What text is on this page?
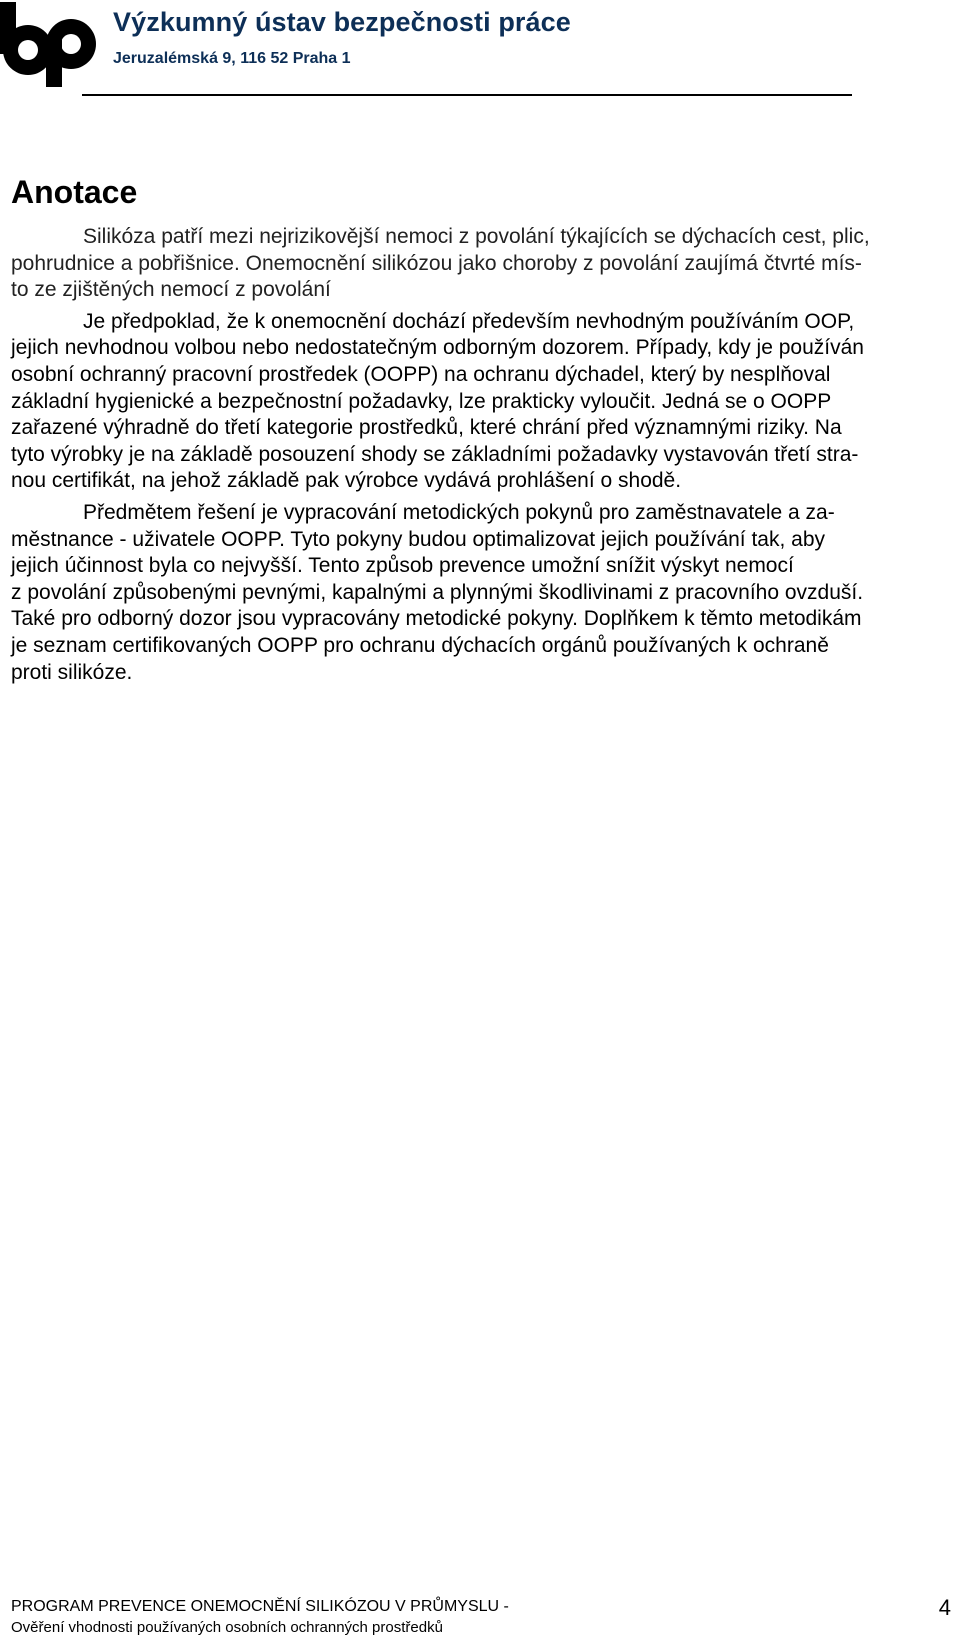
Výzkumný ústav bezpečnosti práce
Jeruzalémská 9, 116 52 Praha 1
Anotace

Silikóza patří mezi nejrizikovější nemoci z povolání týkajících se dýchacích cest, plic,
pohrudnice a pobřišnice. Onemocnění silikózou jako choroby z povolání zaujímá čtvrté mís-
to ze zjištěných nemocí z povolání

Je předpoklad, že k onemocnění dochází především nevhodným používáním OOP,
jejich nevhodnou volbou nebo nedostatečným odborným dozorem. Případy, kdy je používán
osobní ochranný pracovní prostředek (OOPP) na ochranu dýchadel, který by nesplňoval
základní hygienické a bezpečnostní požadavky, lze prakticky vyloučit. Jedná se o OOPP
zařazené výhradně do třetí kategorie prostředků, které chrání před významnými riziky. Na
tyto výrobky je na základě posouzení shody se základními požadavky vystavován třetí stra-
nou certifikát, na jehož základě pak výrobce vydává prohlášení o shodě.

Předmětem řešení je vypracování metodických pokynů pro zaměstnavatele a za-
městnance - uživatele OOPP. Tyto pokyny budou optimalizovat jejich používání tak, aby
jejich účinnost byla co nejvyšší. Tento způsob prevence umožní snížit výskyt nemocí
z povolání způsobenými pevnými, kapalnými a plynnými škodlivinami z pracovního ovzduší.
Také pro odborný dozor jsou vypracovány metodické pokyny. Doplňkem k těmto metodikám
je seznam certifikovaných OOPP pro ochranu dýchacích orgánů používaných k ochraně
proti silikóze.

PROGRAM PREVENCE ONEMOCNĚNÍ SILIKÓZOU V PRŮMYSLU -
Ověření vhodnosti používaných osobních ochranných prostředků
4
